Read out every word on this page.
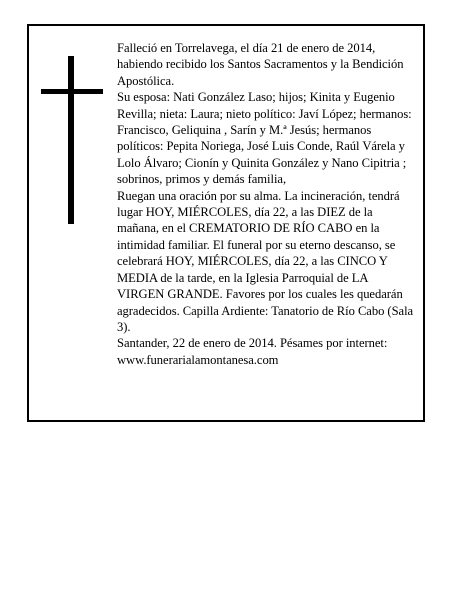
Falleció en Torrelavega, el día 21 de enero de 2014, habiendo recibido los Santos Sacramentos y la Bendición Apostólica.

Su esposa: Nati González Laso; hijos; Kinita y Eugenio Revilla; nieta: Laura; nieto político: Javí López; hermanos: Francisco, Geliquina , Sarín y M.ª Jesús; hermanos políticos: Pepita Noriega, José Luis Conde, Raúl Várela y Lolo Álvaro; Cionín y Quinita González y Nano Cipitria ; sobrinos, primos y demás familia,

Ruegan una oración por su alma. La incineración, tendrá lugar HOY, MIÉRCOLES, día 22, a las DIEZ de la mañana, en el CREMATORIO DE RÍO CABO en la intimidad familiar. El funeral por su eterno descanso, se celebrará HOY, MIÉRCOLES, día 22, a las CINCO Y MEDIA de la tarde, en la Iglesia Parroquial de LA VIRGEN GRANDE. Favores por los cuales les quedarán agradecidos. Capilla Ardiente: Tanatorio de Río Cabo (Sala 3).

Santander, 22 de enero de 2014. Pésames por internet: www.funerarialamontanesa.com
